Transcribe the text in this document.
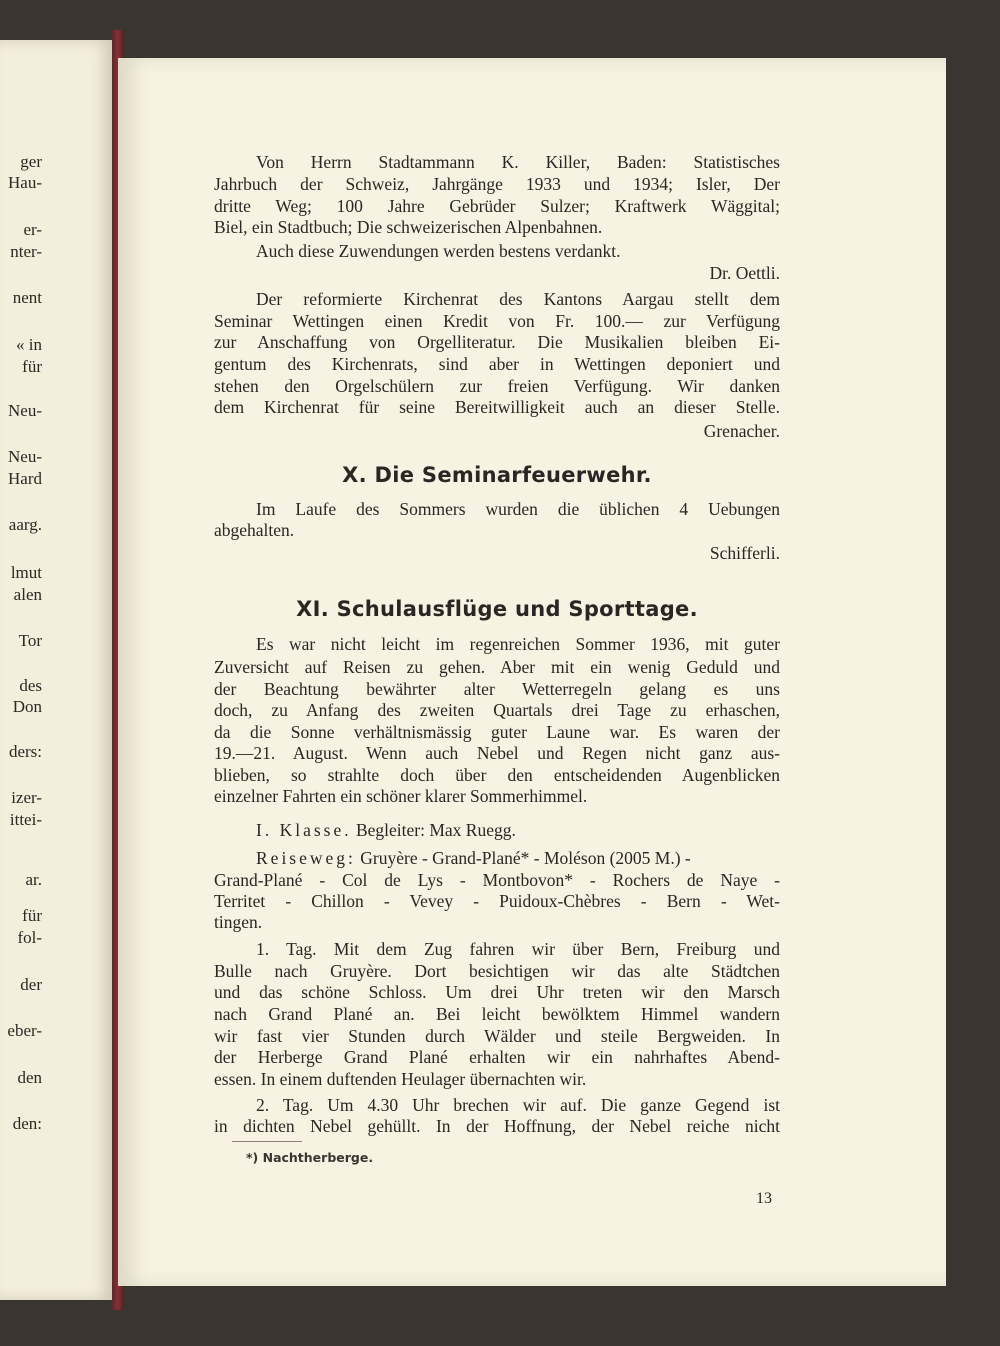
ger
Hau-
er-
nter-
nent
« in
für
Neu-
Neu-
Hard
aarg.
lmut
alen
Tor
des
Don
ders:
izer-
ittei-
ar.
für
fol-
der
eber-
den
den:
Von Herrn Stadtammann K. Killer, Baden: Statistisches
Jahrbuch der Schweiz, Jahrgänge 1933 und 1934; Isler, Der
dritte Weg; 100 Jahre Gebrüder Sulzer; Kraftwerk Wäggital;
Biel, ein Stadtbuch; Die schweizerischen Alpenbahnen.
Auch diese Zuwendungen werden bestens verdankt.
Dr. Oettli.
Der reformierte Kirchenrat des Kantons Aargau stellt dem
Seminar Wettingen einen Kredit von Fr. 100.— zur Verfügung
zur Anschaffung von Orgelliteratur. Die Musikalien bleiben Ei-
gentum des Kirchenrats, sind aber in Wettingen deponiert und
stehen den Orgelschülern zur freien Verfügung. Wir danken
dem Kirchenrat für seine Bereitwilligkeit auch an dieser Stelle.
Grenacher.
X. Die Seminarfeuerwehr.
Im Laufe des Sommers wurden die üblichen 4 Uebungen
abgehalten.
Schifferli.
XI. Schulausflüge und Sporttage.
Es war nicht leicht im regenreichen Sommer 1936, mit guter
Zuversicht auf Reisen zu gehen. Aber mit ein wenig Geduld und
der Beachtung bewährter alter Wetterregeln gelang es uns
doch, zu Anfang des zweiten Quartals drei Tage zu erhaschen,
da die Sonne verhältnismässig guter Laune war. Es waren der
19.—21. August. Wenn auch Nebel und Regen nicht ganz aus-
blieben, so strahlte doch über den entscheidenden Augenblicken
einzelner Fahrten ein schöner klarer Sommerhimmel.
I. Klasse. Begleiter: Max Ruegg.
Reiseweg: Gruyère - Grand-Plané* - Moléson (2005 M.) -
Grand-Plané - Col de Lys - Montbovon* - Rochers de Naye -
Territet - Chillon - Vevey - Puidoux-Chèbres - Bern - Wet-
tingen.
1. Tag. Mit dem Zug fahren wir über Bern, Freiburg und
Bulle nach Gruyère. Dort besichtigen wir das alte Städtchen
und das schöne Schloss. Um drei Uhr treten wir den Marsch
nach Grand Plané an. Bei leicht bewölktem Himmel wandern
wir fast vier Stunden durch Wälder und steile Bergweiden. In
der Herberge Grand Plané erhalten wir ein nahrhaftes Abend-
essen. In einem duftenden Heulager übernachten wir.
2. Tag. Um 4.30 Uhr brechen wir auf. Die ganze Gegend ist
in dichten Nebel gehüllt. In der Hoffnung, der Nebel reiche nicht
*) Nachtherberge.
13
